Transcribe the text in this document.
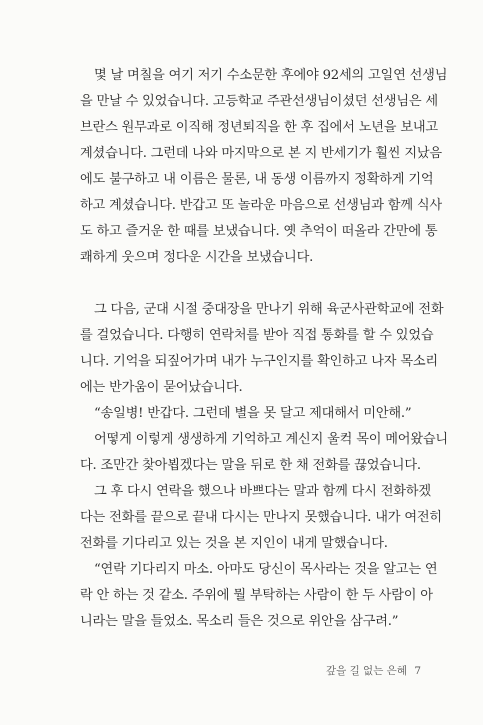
몇 날 며칠을 여기 저기 수소문한 후에야 92세의 고일연 선생님
을 만날 수 있었습니다. 고등학교 주관선생님이셨던 선생님은 세
브란스 원무과로 이직해 정년퇴직을 한 후 집에서 노년을 보내고
계셨습니다. 그런데 나와 마지막으로 본 지 반세기가 훨씬 지났음
에도 불구하고 내 이름은 물론, 내 동생 이름까지 정확하게 기억
하고 계셨습니다. 반갑고 또 놀라운 마음으로 선생님과 함께 식사
도 하고 즐거운 한 때를 보냈습니다. 옛 추억이 떠올라 간만에 통
쾌하게 웃으며 정다운 시간을 보냈습니다.
그 다음, 군대 시절 중대장을 만나기 위해 육군사관학교에 전화
를 걸었습니다. 다행히 연락처를 받아 직접 통화를 할 수 있었습
니다. 기억을 되짚어가며 내가 누구인지를 확인하고 나자 목소리
에는 반가움이 묻어났습니다.
“송일병! 반갑다. 그런데 별을 못 달고 제대해서 미안해.”
어떻게 이렇게 생생하게 기억하고 계신지 울컥 목이 메어왔습니
다. 조만간 찾아뵙겠다는 말을 뒤로 한 채 전화를 끊었습니다.
그 후 다시 연락을 했으나 바쁘다는 말과 함께 다시 전화하겠
다는 전화를 끝으로 끝내 다시는 만나지 못했습니다. 내가 여전히
전화를 기다리고 있는 것을 본 지인이 내게 말했습니다.
“연락 기다리지 마소. 아마도 당신이 목사라는 것을 알고는 연
락 안 하는 것 같소. 주위에 뭘 부탁하는 사람이 한 두 사람이 아
니라는 말을 들었소. 목소리 들은 것으로 위안을 삼구려.”
갚을 길 없는 은혜 7
